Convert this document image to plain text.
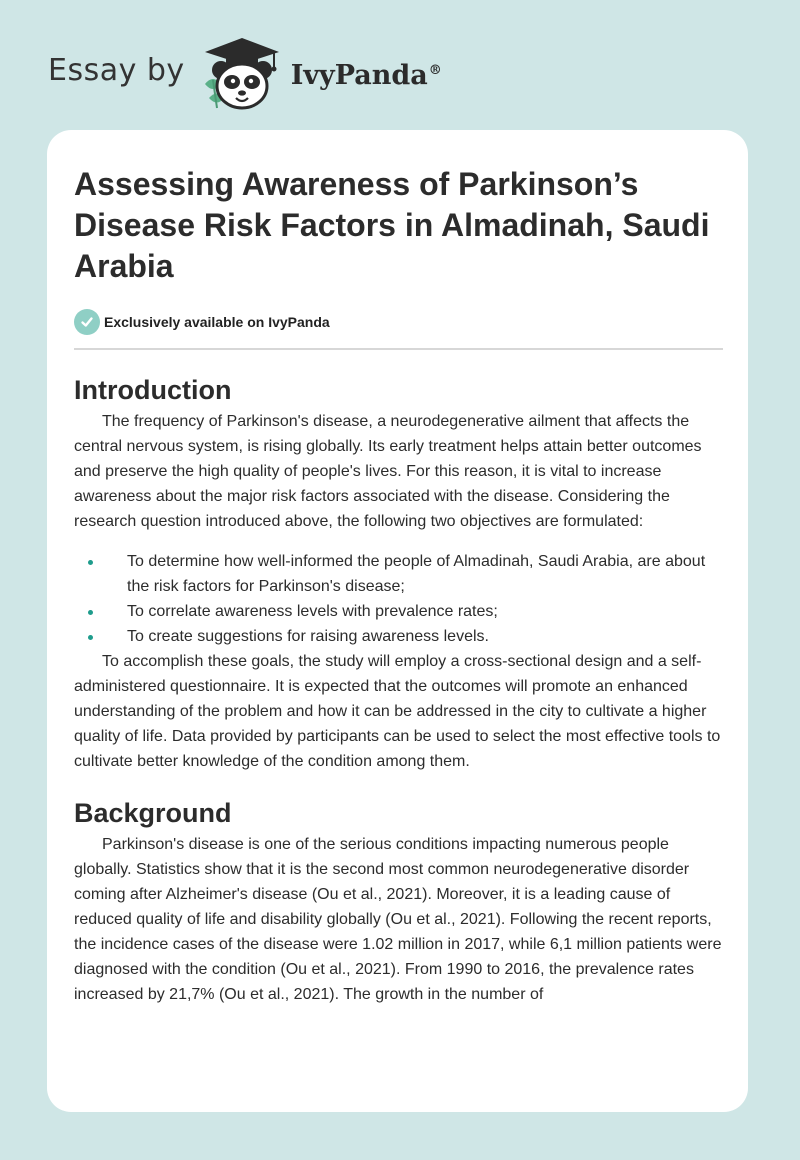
Essay by	IvyPanda®
Assessing Awareness of Parkinson’s Disease Risk Factors in Almadinah, Saudi Arabia
Exclusively available on IvyPanda
Introduction

The frequency of Parkinson's disease, a neurodegenerative ailment that affects the central nervous system, is rising globally. Its early treatment helps attain better outcomes and preserve the high quality of people's lives. For this reason, it is vital to increase awareness about the major risk factors associated with the disease. Considering the research question introduced above, the following two objectives are formulated:

To determine how well-informed the people of Almadinah, Saudi Arabia, are about the risk factors for Parkinson's disease;
To correlate awareness levels with prevalence rates;
To create suggestions for raising awareness levels.

To accomplish these goals, the study will employ a cross-sectional design and a self-administered questionnaire. It is expected that the outcomes will promote an enhanced understanding of the problem and how it can be addressed in the city to cultivate a higher quality of life. Data provided by participants can be used to select the most effective tools to cultivate better knowledge of the condition among them.

Background

Parkinson's disease is one of the serious conditions impacting numerous people globally. Statistics show that it is the second most common neurodegenerative disorder coming after Alzheimer's disease (Ou et al., 2021). Moreover, it is a leading cause of reduced quality of life and disability globally (Ou et al., 2021). Following the recent reports, the incidence cases of the disease were 1.02 million in 2017, while 6,1 million patients were diagnosed with the condition (Ou et al., 2021). From 1990 to 2016, the prevalence rates increased by 21,7% (Ou et al., 2021). The growth in the number of
